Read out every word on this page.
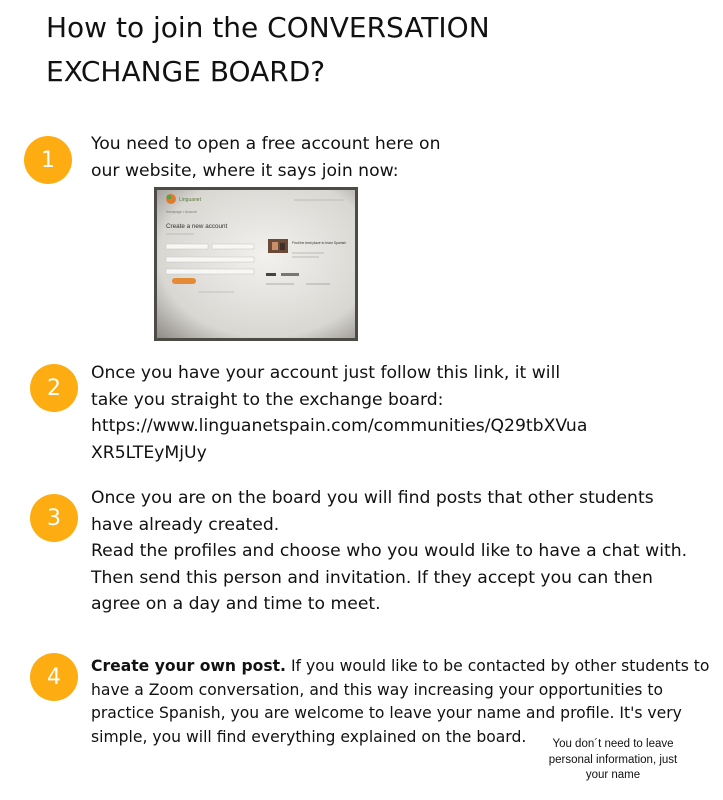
How to join the CONVERSATION
EXCHANGE BOARD?
1

You need to open a free account here on

our website, where it says join now:

Linguanet
Homepage > Account
Create a new account
Find the best place to learn Spanish
2

Once you have your account just follow this link, it will

take you straight to the exchange board:

https://www.linguanetspain.com/communities/Q29tbXVuaXR5LTEyMjUy

3

Once you are on the board you will find posts that other students

have already created.

Read the profiles and choose who you would like to have a chat with.

Then send this person and invitation. If they accept you can then

agree on a day and time to meet.

4 Create your own post. If you would like to be contacted by other students to have a Zoom conversation, and this way increasing your opportunities to practice Spanish, you are welcome to leave your name and profile. It's very simple, you will find everything explained on the board.	You don´t need to leave personal information, just your name
